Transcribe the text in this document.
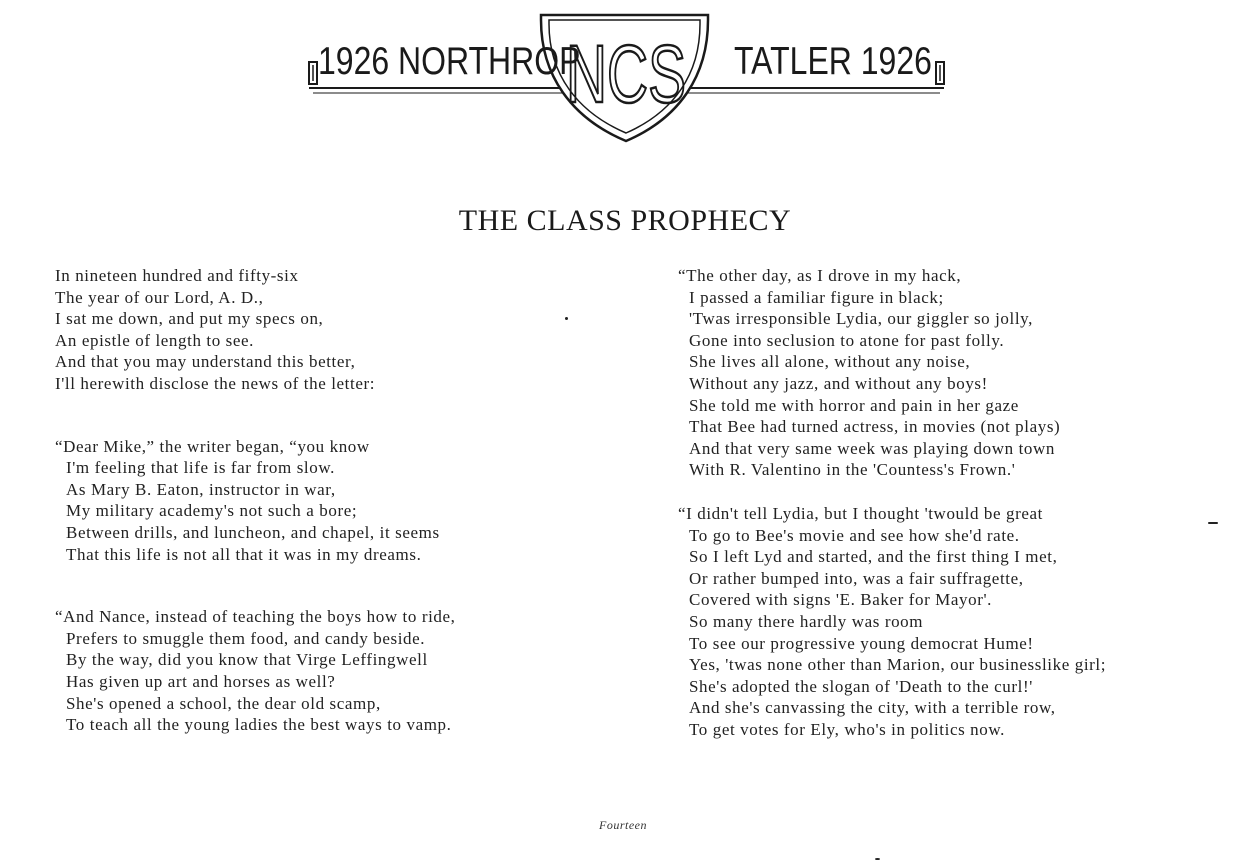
1926 NORTHROP
NCS TATLER 1926
THE CLASS PROPHECY
In nineteen hundred and fifty-six
The year of our Lord, A. D.,
I sat me down, and put my specs on,
An epistle of length to see.
And that you may understand this better,
I'll herewith disclose the news of the letter:
“Dear Mike,” the writer began, “you know
I'm feeling that life is far from slow.
As Mary B. Eaton, instructor in war,
My military academy's not such a bore;
Between drills, and luncheon, and chapel, it seems
That this life is not all that it was in my dreams.
“And Nance, instead of teaching the boys how to ride,
Prefers to smuggle them food, and candy beside.
By the way, did you know that Virge Leffingwell
Has given up art and horses as well?
She's opened a school, the dear old scamp,
To teach all the young ladies the best ways to vamp.
“The other day, as I drove in my hack,
I passed a familiar figure in black;
'Twas irresponsible Lydia, our giggler so jolly,
Gone into seclusion to atone for past folly.
She lives all alone, without any noise,
Without any jazz, and without any boys!
She told me with horror and pain in her gaze
That Bee had turned actress, in movies (not plays)
And that very same week was playing down town
With R. Valentino in the 'Countess's Frown.'
“I didn't tell Lydia, but I thought 'twould be great
To go to Bee's movie and see how she'd rate.
So I left Lyd and started, and the first thing I met,
Or rather bumped into, was a fair suffragette,
Covered with signs 'E. Baker for Mayor'.
So many there hardly was room
To see our progressive young democrat Hume!
Yes, 'twas none other than Marion, our businesslike girl;
She's adopted the slogan of 'Death to the curl!'
And she's canvassing the city, with a terrible row,
To get votes for Ely, who's in politics now.
Fourteen
